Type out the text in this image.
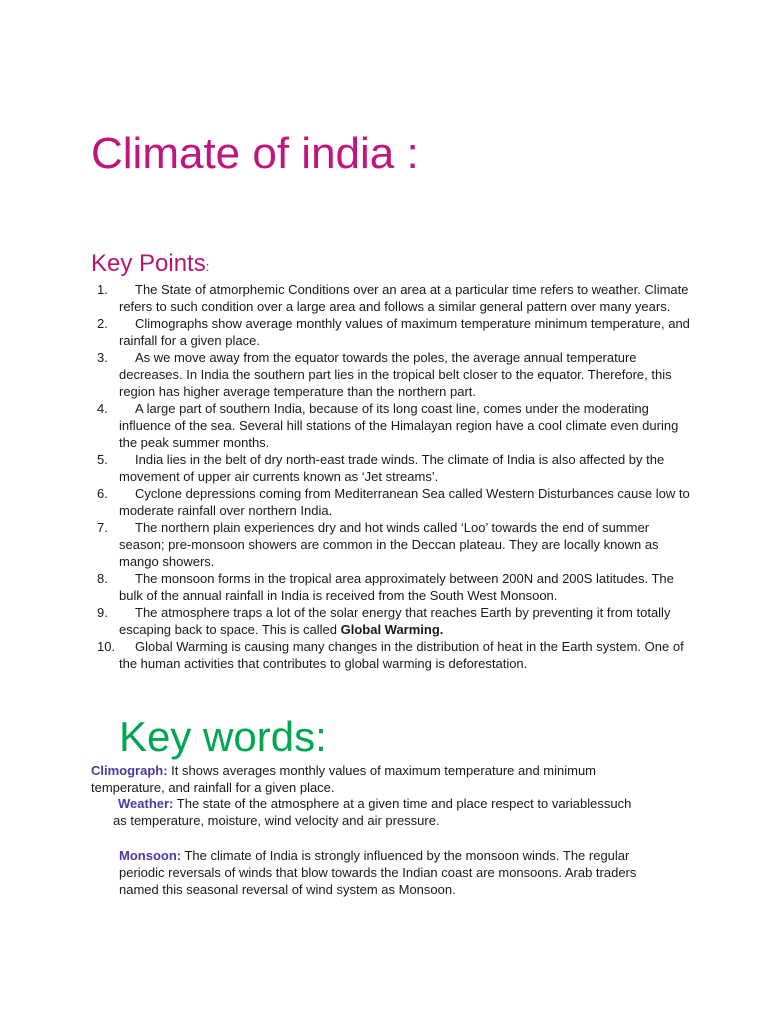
Climate of india :
Key Points:
1.	The State of atmorphemic Conditions over an area at a particular time refers to weather. Climate refers to such condition over a large area and follows a similar general pattern over many years.
2.	Climographs show average monthly values of maximum temperature minimum temperature, and rainfall for a given place.
3.	As we move away from the equator towards the poles, the average annual temperature decreases. In India the southern part lies in the tropical belt closer to the equator. Therefore, this region has higher average temperature than the northern part.
4.	A large part of southern India, because of its long coast line, comes under the moderating influence of the sea. Several hill stations of the Himalayan region have a cool climate even during the peak summer months.
5.	India lies in the belt of dry north-east trade winds. The climate of India is also affected by the movement of upper air currents known as ‘Jet streams’.
6.	Cyclone depressions coming from Mediterranean Sea called Western Disturbances cause low to moderate rainfall over northern India.
7.	The northern plain experiences dry and hot winds called ‘Loo’ towards the end of summer season; pre-monsoon showers are common in the Deccan plateau. They are locally known as mango showers.
8.	The monsoon forms in the tropical area approximately between 200N and 200S latitudes. The bulk of the annual rainfall in India is received from the South West Monsoon.
9.	The atmosphere traps a lot of the solar energy that reaches Earth by preventing it from totally escaping back to space. This is called Global Warming.
10.	Global Warming is causing many changes in the distribution of heat in the Earth system. One of the human activities that contributes to global warming is deforestation.
Key words:

Climograph: It shows averages monthly values of maximum temperature and minimum temperature, and rainfall for a given place.

Weather: The state of the atmosphere at a given time and place respect to variablessuch as temperature, moisture, wind velocity and air pressure.

Monsoon: The climate of India is strongly influenced by the monsoon winds. The regular periodic reversals of winds that blow towards the Indian coast are monsoons. Arab traders named this seasonal reversal of wind system as Monsoon.
